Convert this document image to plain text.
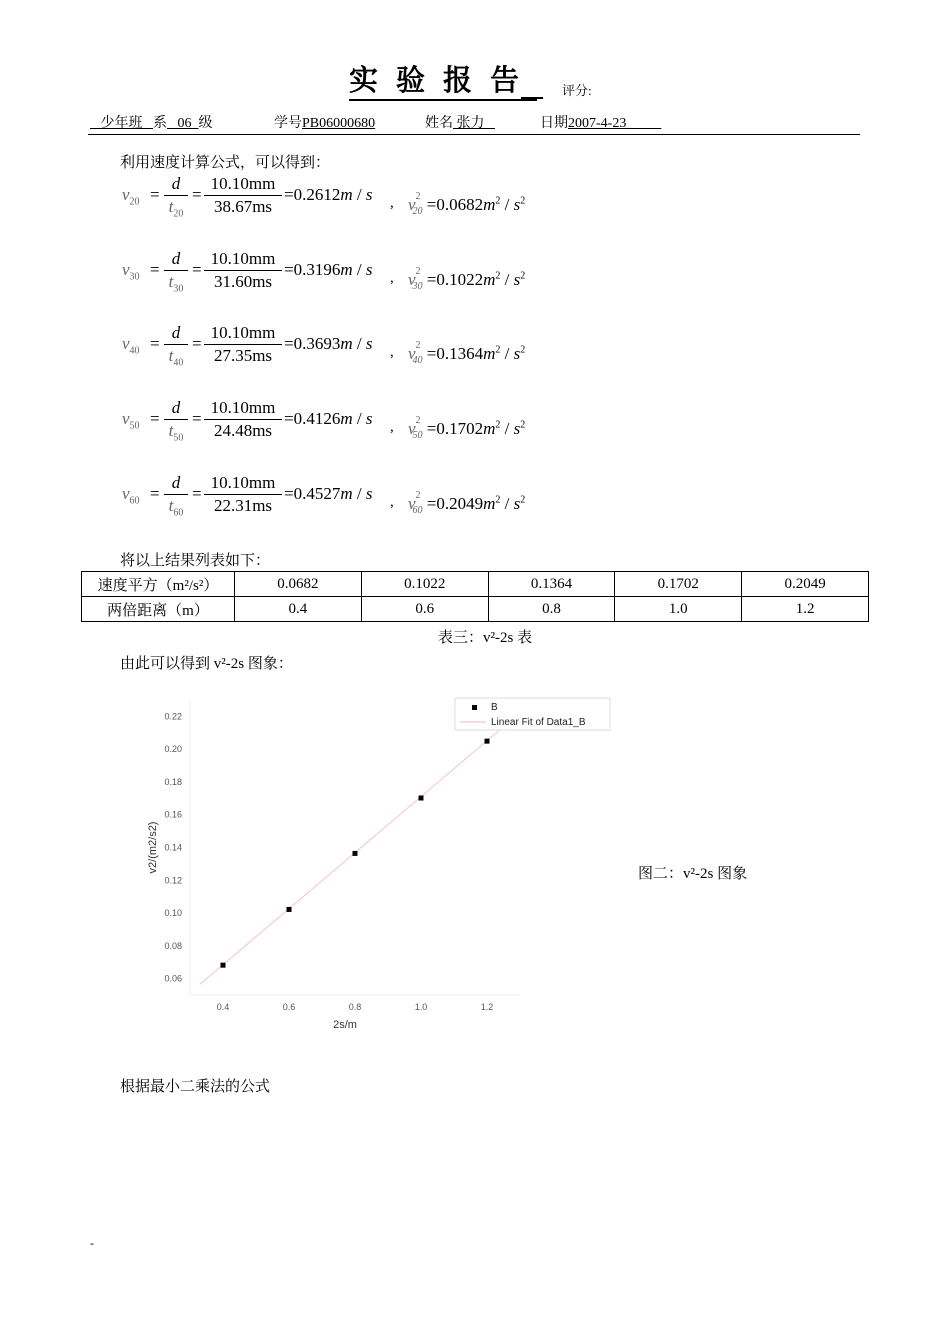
实验报告 评分:
少年班 系 06 级	学号PB06000680	姓名 张力	日期2007-4-23
利用速度计算公式，可以得到：
$v_{20} = \frac{d}{t_{20}} = \frac{10.10mm}{38.67ms} =0.2612m / s$ , $v^2_{20} =0.0682m^2 / s^2$
$v_{30} = \frac{d}{t_{30}} = \frac{10.10mm}{31.60ms} =0.3196m / s$ , $v^2_{30} =0.1022m^2 / s^2$
$v_{40} = \frac{d}{t_{40}} = \frac{10.10mm}{27.35ms} =0.3693m / s$ , $v^2_{40} =0.1364m^2 / s^2$
$v_{50} = \frac{d}{t_{50}} = \frac{10.10mm}{24.48ms} =0.4126m / s$ , $v^2_{50} =0.1702m^2 / s^2$
$v_{60} = \frac{d}{t_{60}} = \frac{10.10mm}{22.31ms} =0.4527m / s$ , $v^2_{60} =0.2049m^2 / s^2$
将以上结果列表如下：
速度平方（m²/s²）	0.0682	0.1022	0.1364	0.1702	0.2049
两倍距离（m）	0.4	0.6	0.8	1.0	1.2
表三：v²-2s 表
由此可以得到 v²-2s 图象：
0.06
0.08
0.10
0.12
0.14
0.16
0.18
0.20
0.22
0.4	0.6	0.8	1.0	1.2
2s/m
v2/(m2/s2)
B
Linear Fit of Data1_B
图二：v²-2s 图象
根据最小二乘法的公式
-
